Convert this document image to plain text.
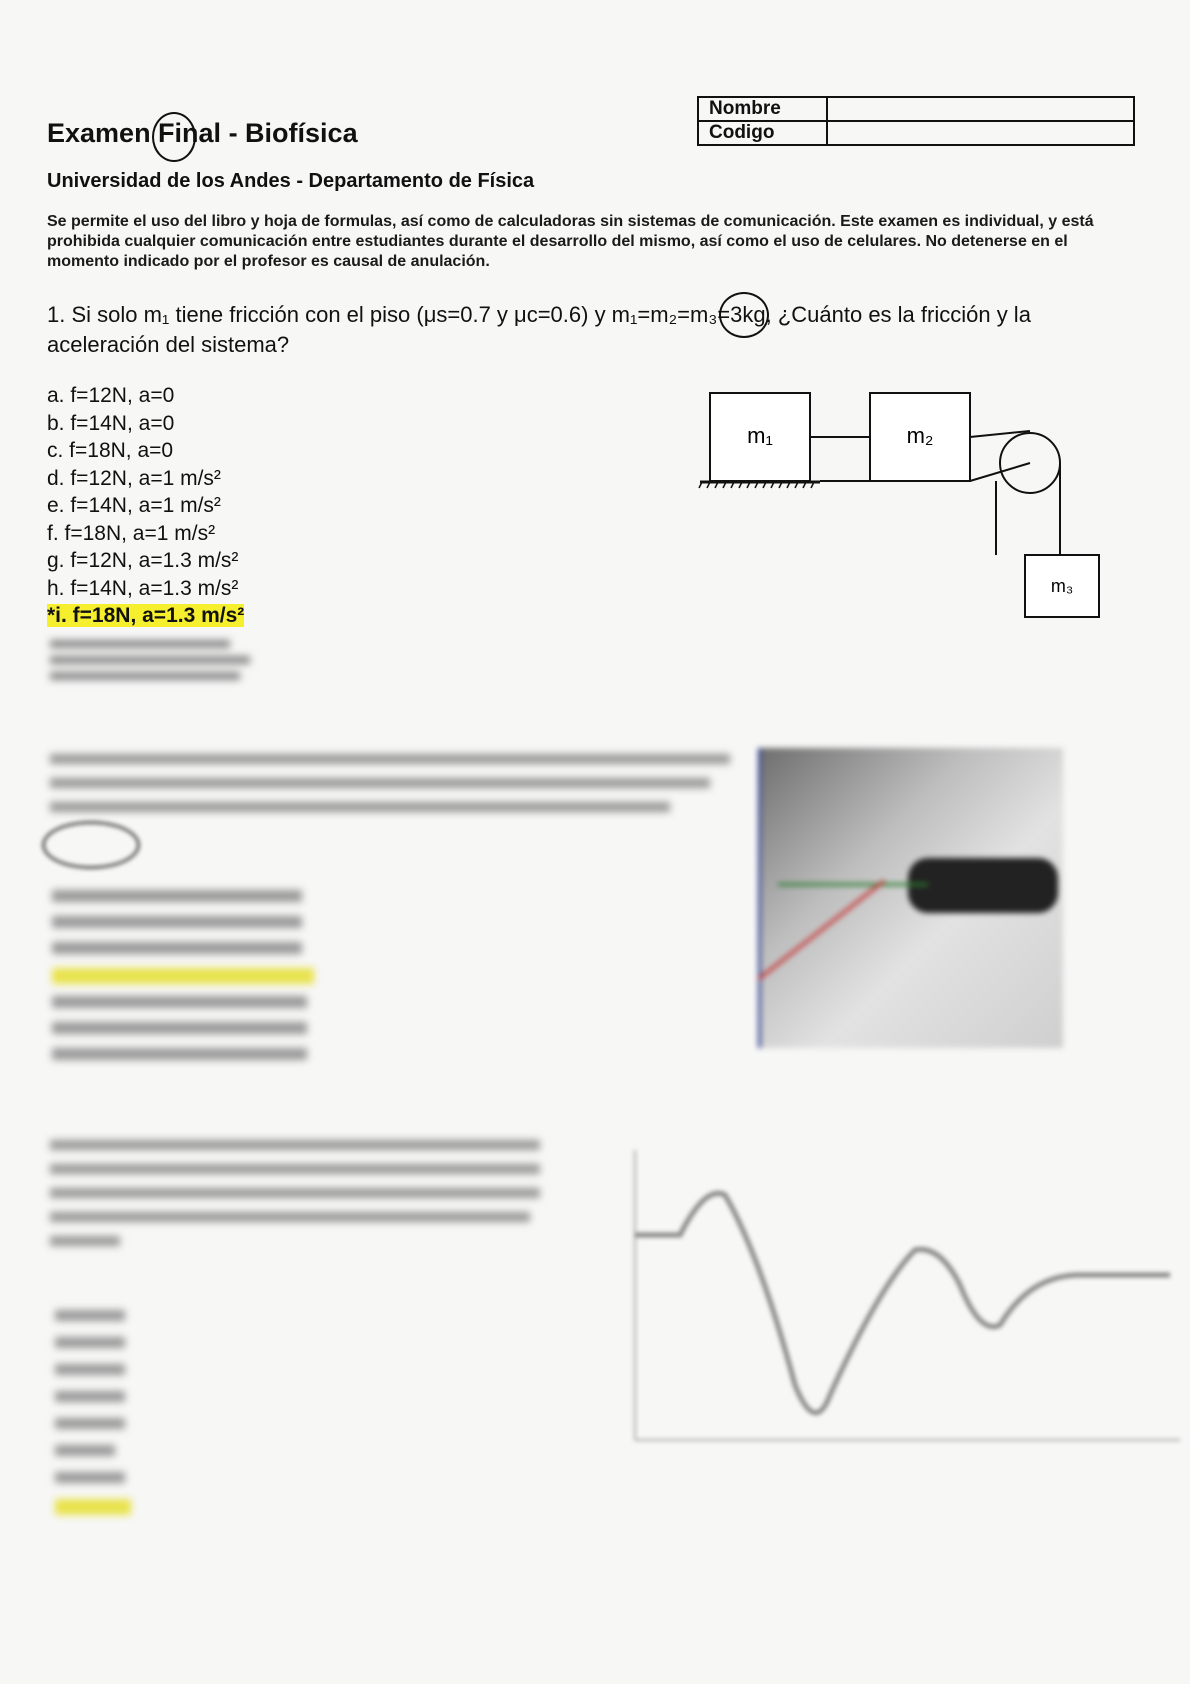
Examen Final - Biofísica
Nombre	
Codigo	
Universidad de los Andes - Departamento de Física
Se permite el uso del libro y hoja de formulas, así como de calculadoras sin sistemas de comunicación. Este examen es individual, y está prohibida cualquier comunicación entre estudiantes durante el desarrollo del mismo, así como el uso de celulares. No detenerse en el momento indicado por el profesor es causal de anulación.
1. Si solo m₁ tiene fricción con el piso (μs=0.7 y μc=0.6) y m₁=m₂=m₃=3kg, ¿Cuánto es la fricción y la aceleración del sistema?
a. f=12N, a=0
b. f=14N, a=0
c. f=18N, a=0
d. f=12N, a=1 m/s²
e. f=14N, a=1 m/s²
f. f=18N, a=1 m/s²
g. f=12N, a=1.3 m/s²
h. f=14N, a=1.3 m/s²
*i. f=18N, a=1.3 m/s²
m₁	m₂
m₃
